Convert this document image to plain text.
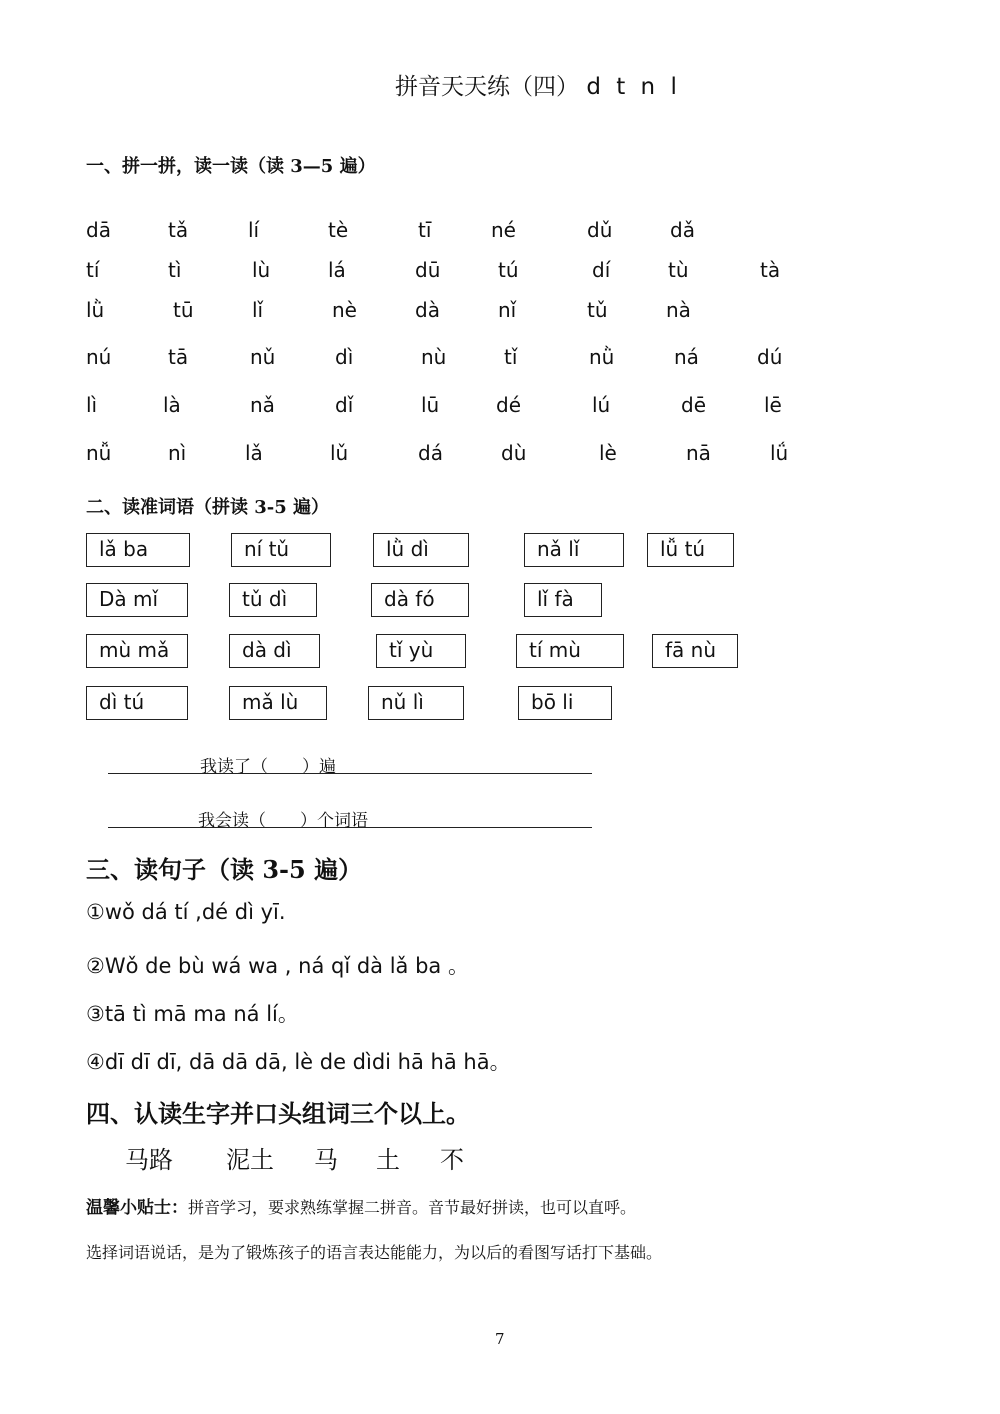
拼音天天练（四） d t n l
一、拼一拼，读一读（读 3—5 遍）
dā	tǎ	lí	tè	tī	né	dǔ	dǎ
tí	tì	lù	lá	dū	tú	dí	tù	tà
lǜ	tū	lǐ	nè	dà	nǐ	tǔ	nà
nú	tā	nǔ	dì	nù	tǐ	nǜ	ná	dú
lì	là	nǎ	dǐ	lū	dé	lú	dē	lē
nǚ	nì	lǎ	lǔ	dá	dù	lè	nā	lǘ
二、读准词语（拼读 3-5 遍）
lǎ ba	ní tǔ	lǜ dì	nǎ lǐ	lǚ tú
Dà mǐ	tǔ dì	dà fó	lǐ fà
mù mǎ	dà dì	tǐ yù	tí mù	fā nù
dì tú	mǎ lù	nǔ lì	bō li
我读了（　　）遍
我会读（　　）个词语
三、读句子（读 3-5 遍）
①wǒ dá tí ,dé dì yī.
②Wǒ de bù wá wa , ná qǐ dà lǎ ba 。
③tā tì mā ma ná lí。
④dī dī dī, dā dā dā, lè de dìdi hā hā hā。
四、认读生字并口头组词三个以上。
马路 泥土 马 土 不
温馨小贴士：拼音学习，要求熟练掌握二拼音。音节最好拼读，也可以直呼。
选择词语说话，是为了锻炼孩子的语言表达能能力，为以后的看图写话打下基础。
7
